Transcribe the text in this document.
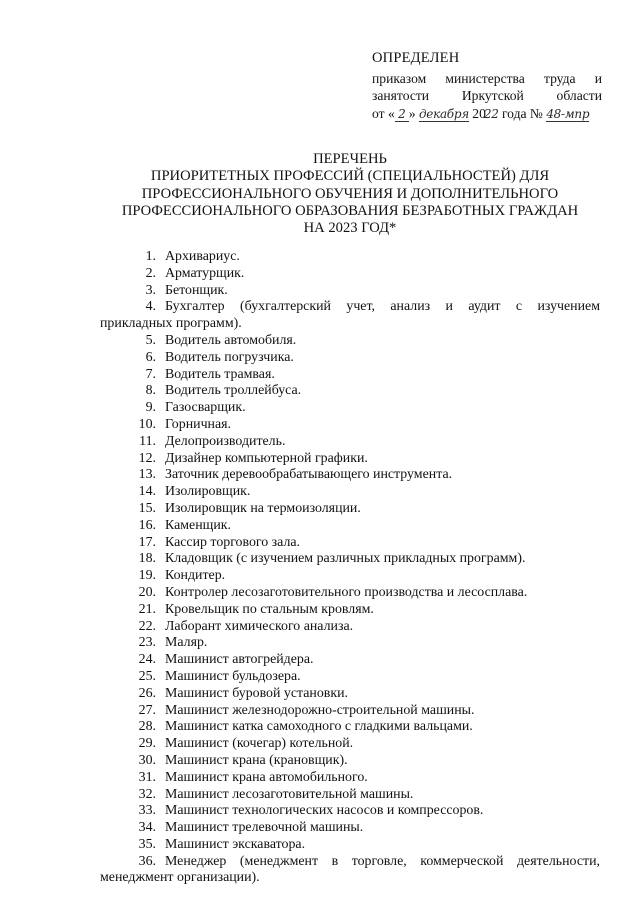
ОПРЕДЕЛЕН
приказом министерства труда и
занятости Иркутской области
от « 2 » декабря 2022 года № 48-мпр
ПЕРЕЧЕНЬ
ПРИОРИТЕТНЫХ ПРОФЕССИЙ (СПЕЦИАЛЬНОСТЕЙ) ДЛЯ
ПРОФЕССИОНАЛЬНОГО ОБУЧЕНИЯ И ДОПОЛНИТЕЛЬНОГО
ПРОФЕССИОНАЛЬНОГО ОБРАЗОВАНИЯ БЕЗРАБОТНЫХ ГРАЖДАН
НА 2023 ГОД*
1. Архивариус.
2. Арматурщик.
3. Бетонщик.
4. Бухгалтер (бухгалтерский учет, анализ и аудит с изучением
прикладных программ).
5. Водитель автомобиля.
6. Водитель погрузчика.
7. Водитель трамвая.
8. Водитель троллейбуса.
9. Газосварщик.
10. Горничная.
11. Делопроизводитель.
12. Дизайнер компьютерной графики.
13. Заточник деревообрабатывающего инструмента.
14. Изолировщик.
15. Изолировщик на термоизоляции.
16. Каменщик.
17. Кассир торгового зала.
18. Кладовщик (с изучением различных прикладных программ).
19. Кондитер.
20. Контролер лесозаготовительного производства и лесосплава.
21. Кровельщик по стальным кровлям.
22. Лаборант химического анализа.
23. Маляр.
24. Машинист автогрейдера.
25. Машинист бульдозера.
26. Машинист буровой установки.
27. Машинист железнодорожно-строительной машины.
28. Машинист катка самоходного с гладкими вальцами.
29. Машинист (кочегар) котельной.
30. Машинист крана (крановщик).
31. Машинист крана автомобильного.
32. Машинист лесозаготовительной машины.
33. Машинист технологических насосов и компрессоров.
34. Машинист трелевочной машины.
35. Машинист экскаватора.
36. Менеджер (менеджмент в торговле, коммерческой деятельности,
менеджмент организации).
